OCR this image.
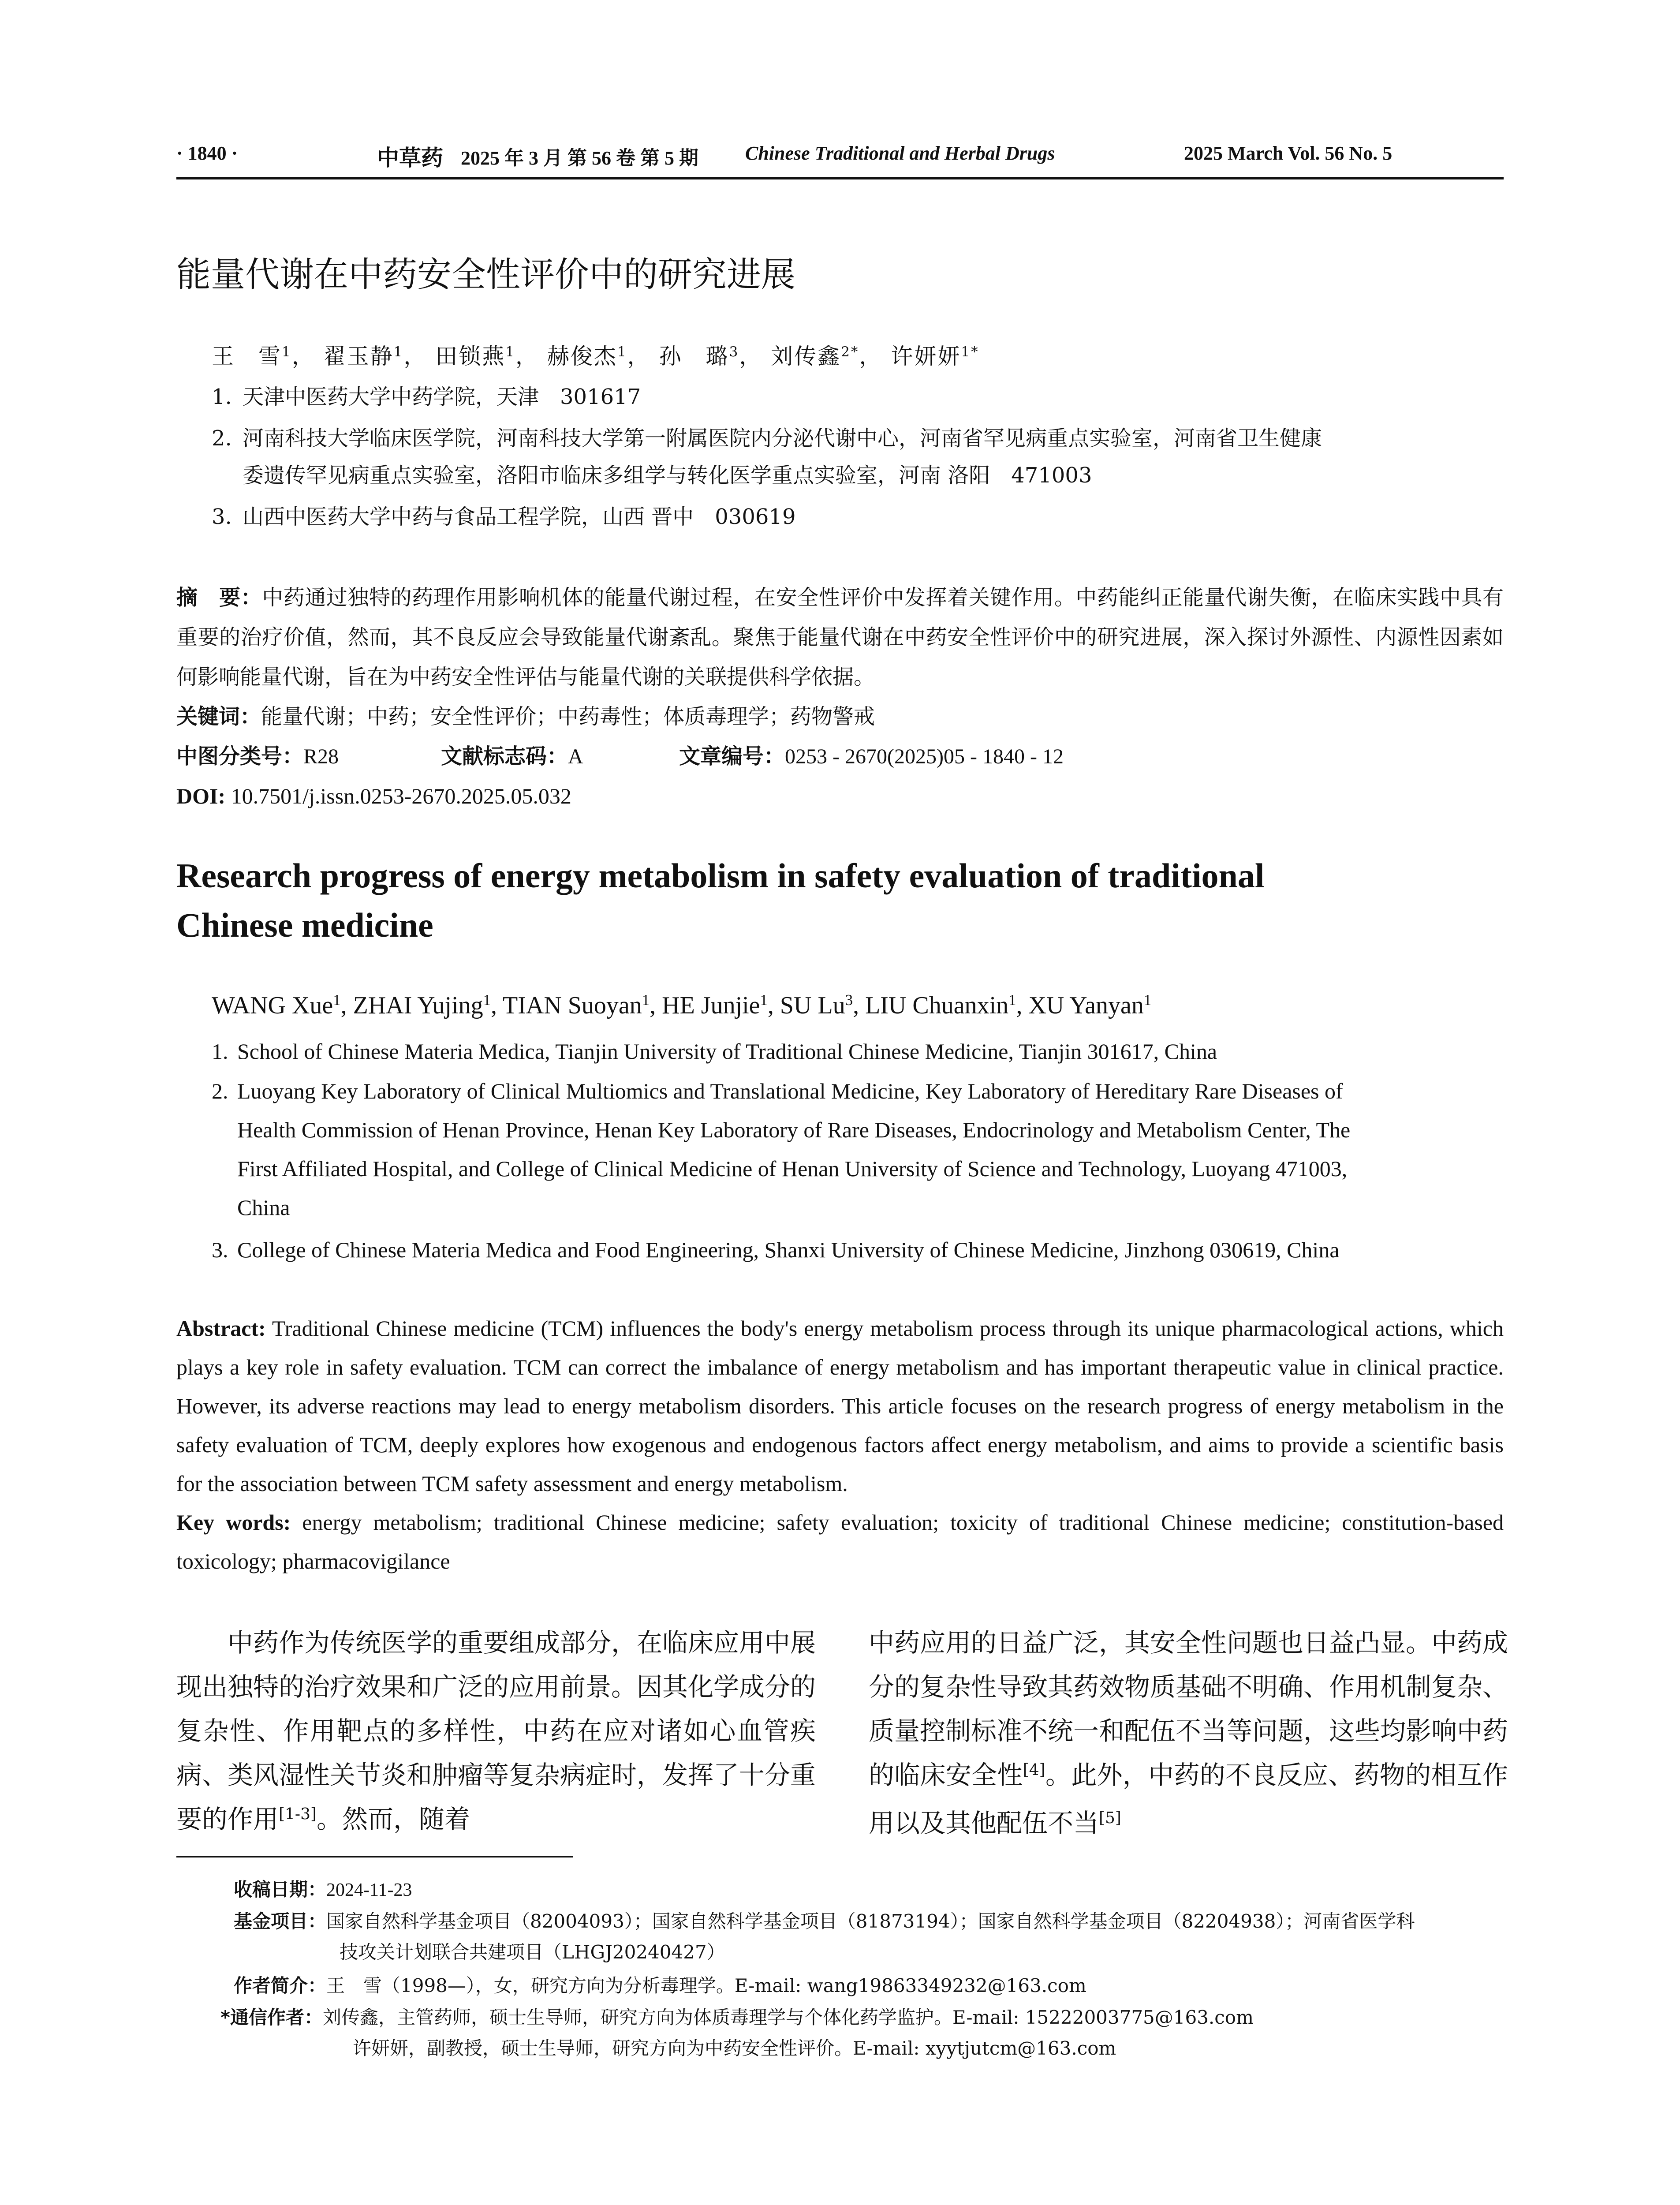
· 1840 ·	中草药 2025 年 3 月 第 56 卷 第 5 期 Chinese Traditional and Herbal Drugs	2025 March Vol. 56 No. 5
能量代谢在中药安全性评价中的研究进展
王　雪$^1$， 翟玉静$^1$， 田锁燕$^1$， 赫俊杰$^1$， 孙　璐$^3$， 刘传鑫$^{2*}$， 许妍妍$^{1*}$
1. 天津中医药大学中药学院，天津　301617
2. 河南科技大学临床医学院，河南科技大学第一附属医院内分泌代谢中心，河南省罕见病重点实验室，河南省卫生健康
委遗传罕见病重点实验室，洛阳市临床多组学与转化医学重点实验室，河南 洛阳　471003
3. 山西中医药大学中药与食品工程学院，山西 晋中　030619
摘　要：中药通过独特的药理作用影响机体的能量代谢过程，在安全性评价中发挥着关键作用。中药能纠正能量代谢失衡，在临床实践中具有重要的治疗价值，然而，其不良反应会导致能量代谢紊乱。聚焦于能量代谢在中药安全性评价中的研究进展，深入探讨外源性、内源性因素如何影响能量代谢，旨在为中药安全性评估与能量代谢的关联提供科学依据。
关键词：能量代谢；中药；安全性评价；中药毒性；体质毒理学；药物警戒
中图分类号：R28	文献标志码：A	文章编号：0253 - 2670(2025)05 - 1840 - 12
DOI: 10.7501/j.issn.0253-2670.2025.05.032
Research progress of energy metabolism in safety evaluation of traditional
Chinese medicine
WANG Xue$^1$, ZHAI Yujing$^1$, TIAN Suoyan$^1$, HE Junjie$^1$, SU Lu$^3$, LIU Chuanxin$^1$, XU Yanyan$^1$
1. School of Chinese Materia Medica, Tianjin University of Traditional Chinese Medicine, Tianjin 301617, China
2. Luoyang Key Laboratory of Clinical Multiomics and Translational Medicine, Key Laboratory of Hereditary Rare Diseases of
Health Commission of Henan Province, Henan Key Laboratory of Rare Diseases, Endocrinology and Metabolism Center, The
First Affiliated Hospital, and College of Clinical Medicine of Henan University of Science and Technology, Luoyang 471003,
China
3. College of Chinese Materia Medica and Food Engineering, Shanxi University of Chinese Medicine, Jinzhong 030619, China
Abstract: Traditional Chinese medicine (TCM) influences the body's energy metabolism process through its unique pharmacological actions, which plays a key role in safety evaluation. TCM can correct the imbalance of energy metabolism and has important therapeutic value in clinical practice. However, its adverse reactions may lead to energy metabolism disorders. This article focuses on the research progress of energy metabolism in the safety evaluation of TCM, deeply explores how exogenous and endogenous factors affect energy metabolism, and aims to provide a scientific basis for the association between TCM safety assessment and energy metabolism.
Key words: energy metabolism; traditional Chinese medicine; safety evaluation; toxicity of traditional Chinese medicine; constitution-based toxicology; pharmacovigilance
　　中药作为传统医学的重要组成部分，在临床应用中展现出独特的治疗效果和广泛的应用前景。因其化学成分的复杂性、作用靶点的多样性，中药在应对诸如心血管疾病、类风湿性关节炎和肿瘤等复杂病症时，发挥了十分重要的作用[1-3]。然而，随着
中药应用的日益广泛，其安全性问题也日益凸显。中药成分的复杂性导致其药效物质基础不明确、作用机制复杂、质量控制标准不统一和配伍不当等问题，这些均影响中药的临床安全性[4]。此外，中药的不良反应、药物的相互作用以及其他配伍不当[5]
收稿日期：2024-11-23
基金项目：国家自然科学基金项目（82004093）；国家自然科学基金项目（81873194）；国家自然科学基金项目（82204938）；河南省医学科
技攻关计划联合共建项目（LHGJ20240427）
作者简介：王　雪（1998—），女，研究方向为分析毒理学。E-mail: wang19863349232@163.com
*通信作者：刘传鑫，主管药师，硕士生导师，研究方向为体质毒理学与个体化药学监护。E-mail: 15222003775@163.com
许妍妍，副教授，硕士生导师，研究方向为中药安全性评价。E-mail: xyytjutcm@163.com
